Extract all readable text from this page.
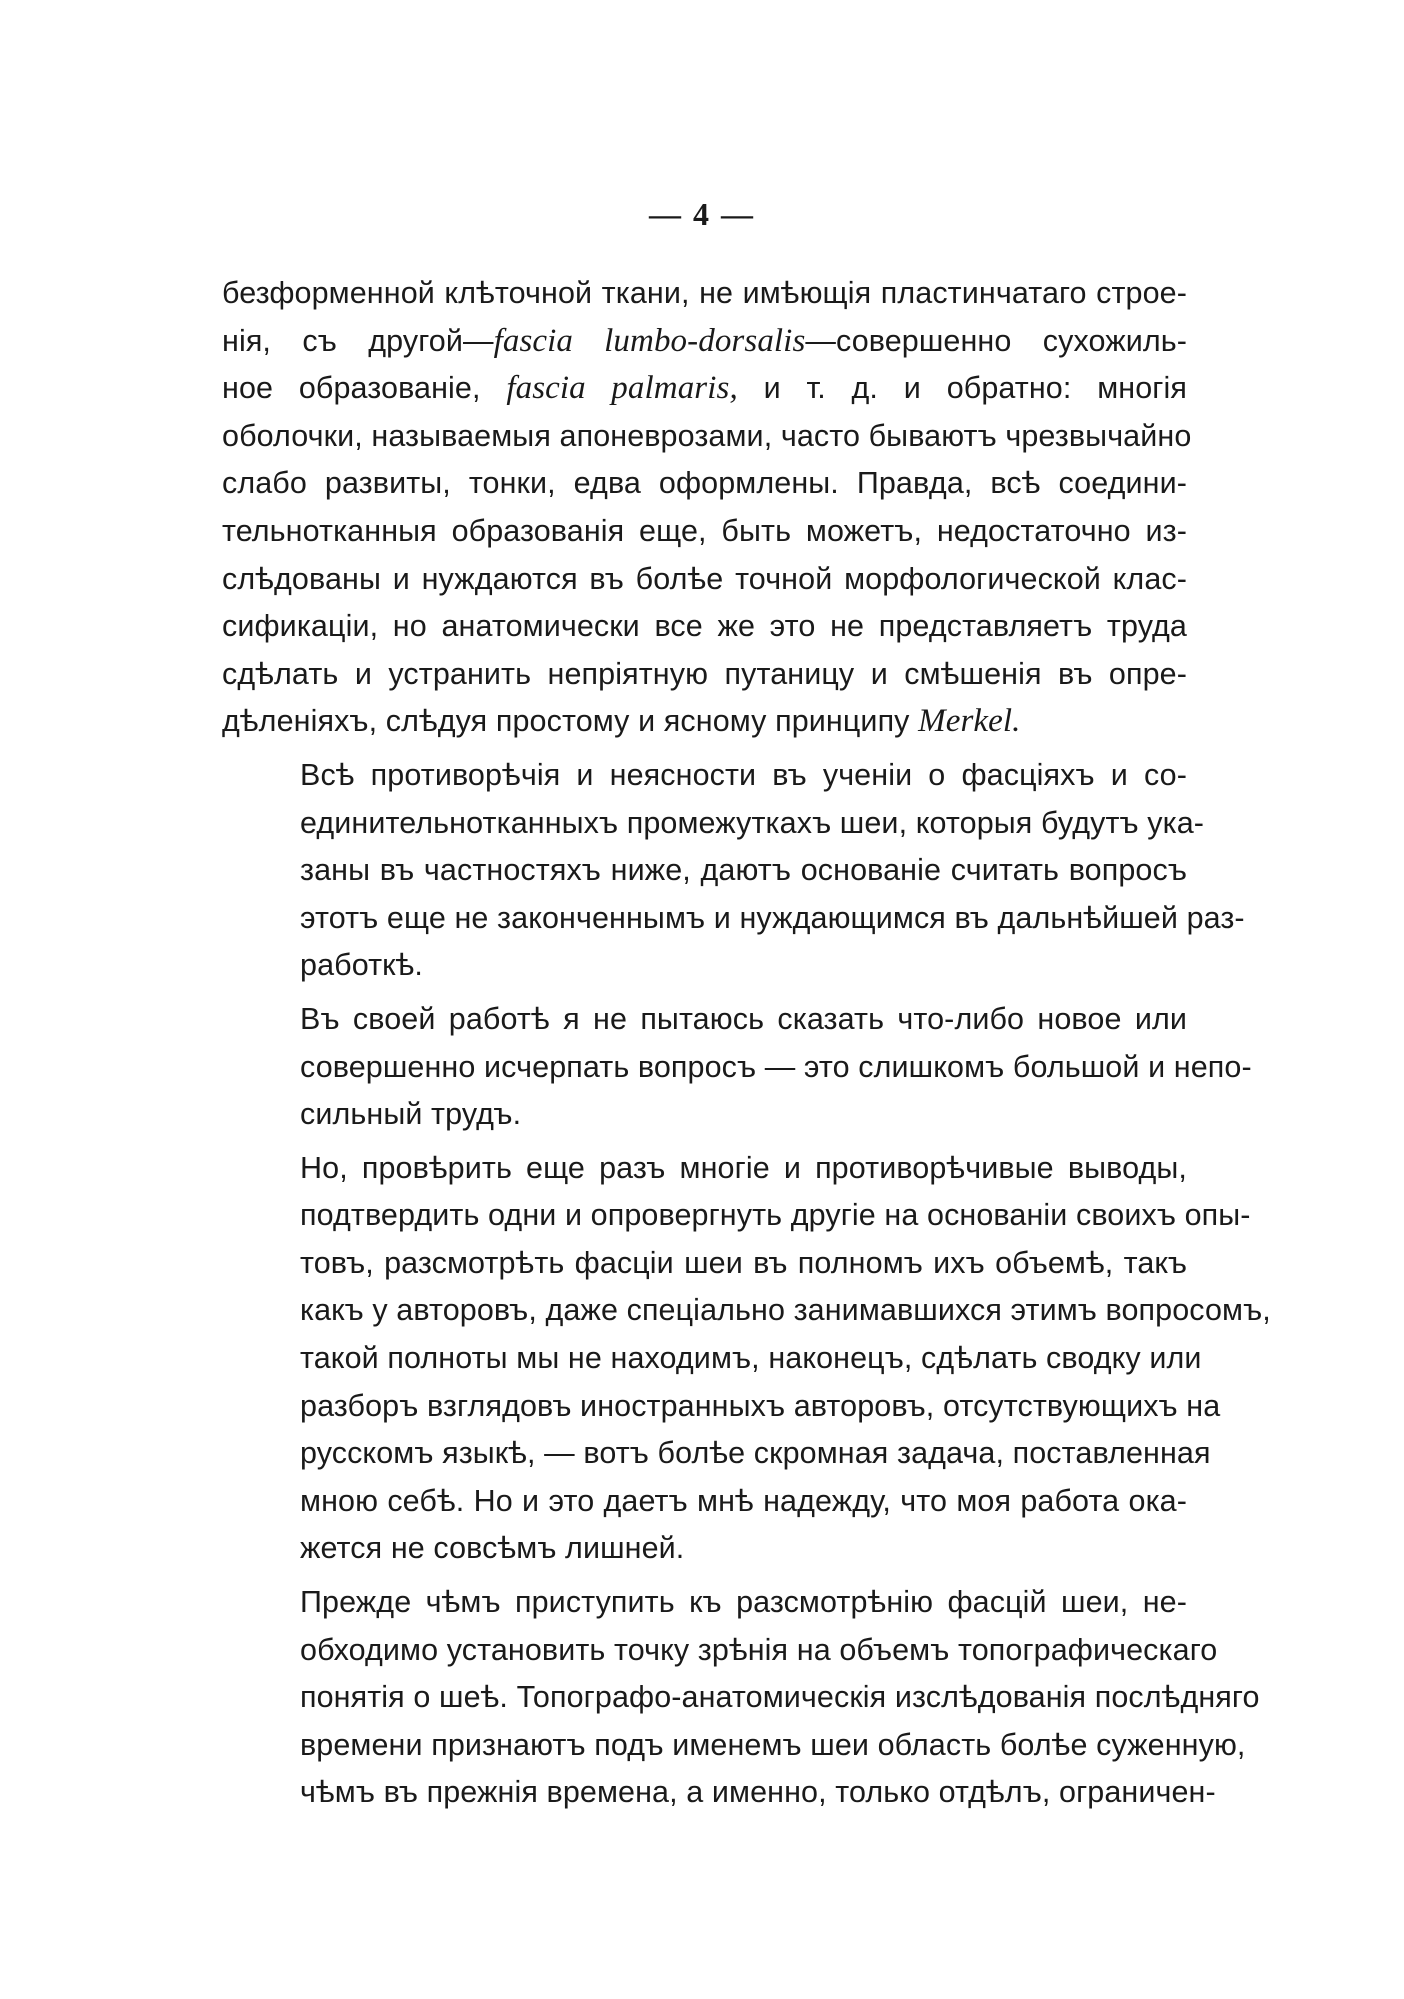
— 4 —
безформенной клѣточной ткани, не имѣющія пластинчатаго строе-
нія, съ другой—fascia lumbo-dorsalis—совершенно сухожиль-
ное образованіе, fascia palmaris, и т. д. и обратно: многія
оболочки, называемыя апоневрозами, часто бываютъ чрезвычайно
слабо развиты, тонки, едва оформлены. Правда, всѣ соедини-
тельнотканныя образованія еще, быть можетъ, недостаточно из-
слѣдованы и нуждаются въ болѣе точной морфологической клас-
сификаціи, но анатомически все же это не представляетъ труда
сдѣлать и устранить непріятную путаницу и смѣшенія въ опре-
дѣленіяхъ, слѣдуя простому и ясному принципу Merkel.
Всѣ противорѣчія и неясности въ ученіи о фасціяхъ и со-
единительнотканныхъ промежуткахъ шеи, которыя будутъ ука-
заны въ частностяхъ ниже, даютъ основаніе считать вопросъ
этотъ еще не законченнымъ и нуждающимся въ дальнѣйшей раз-
работкѣ.
Въ своей работѣ я не пытаюсь сказать что-либо новое или
совершенно исчерпать вопросъ — это слишкомъ большой и непо-
сильный трудъ.
Но, провѣрить еще разъ многіе и противорѣчивые выводы,
подтвердить одни и опровергнуть другіе на основаніи своихъ опы-
товъ, разсмотрѣть фасціи шеи въ полномъ ихъ объемѣ, такъ
какъ у авторовъ, даже спеціально занимавшихся этимъ вопросомъ,
такой полноты мы не находимъ, наконецъ, сдѣлать сводку или
разборъ взглядовъ иностранныхъ авторовъ, отсутствующихъ на
русскомъ языкѣ, — вотъ болѣе скромная задача, поставленная
мною себѣ. Но и это даетъ мнѣ надежду, что моя работа ока-
жется не совсѣмъ лишней.
Прежде чѣмъ приступить къ разсмотрѣнію фасцій шеи, не-
обходимо установить точку зрѣнія на объемъ топографическаго
понятія о шеѣ. Топографо-анатомическія изслѣдованія послѣдняго
времени признаютъ подъ именемъ шеи область болѣе суженную,
чѣмъ въ прежнія времена, а именно, только отдѣлъ, ограничен-
